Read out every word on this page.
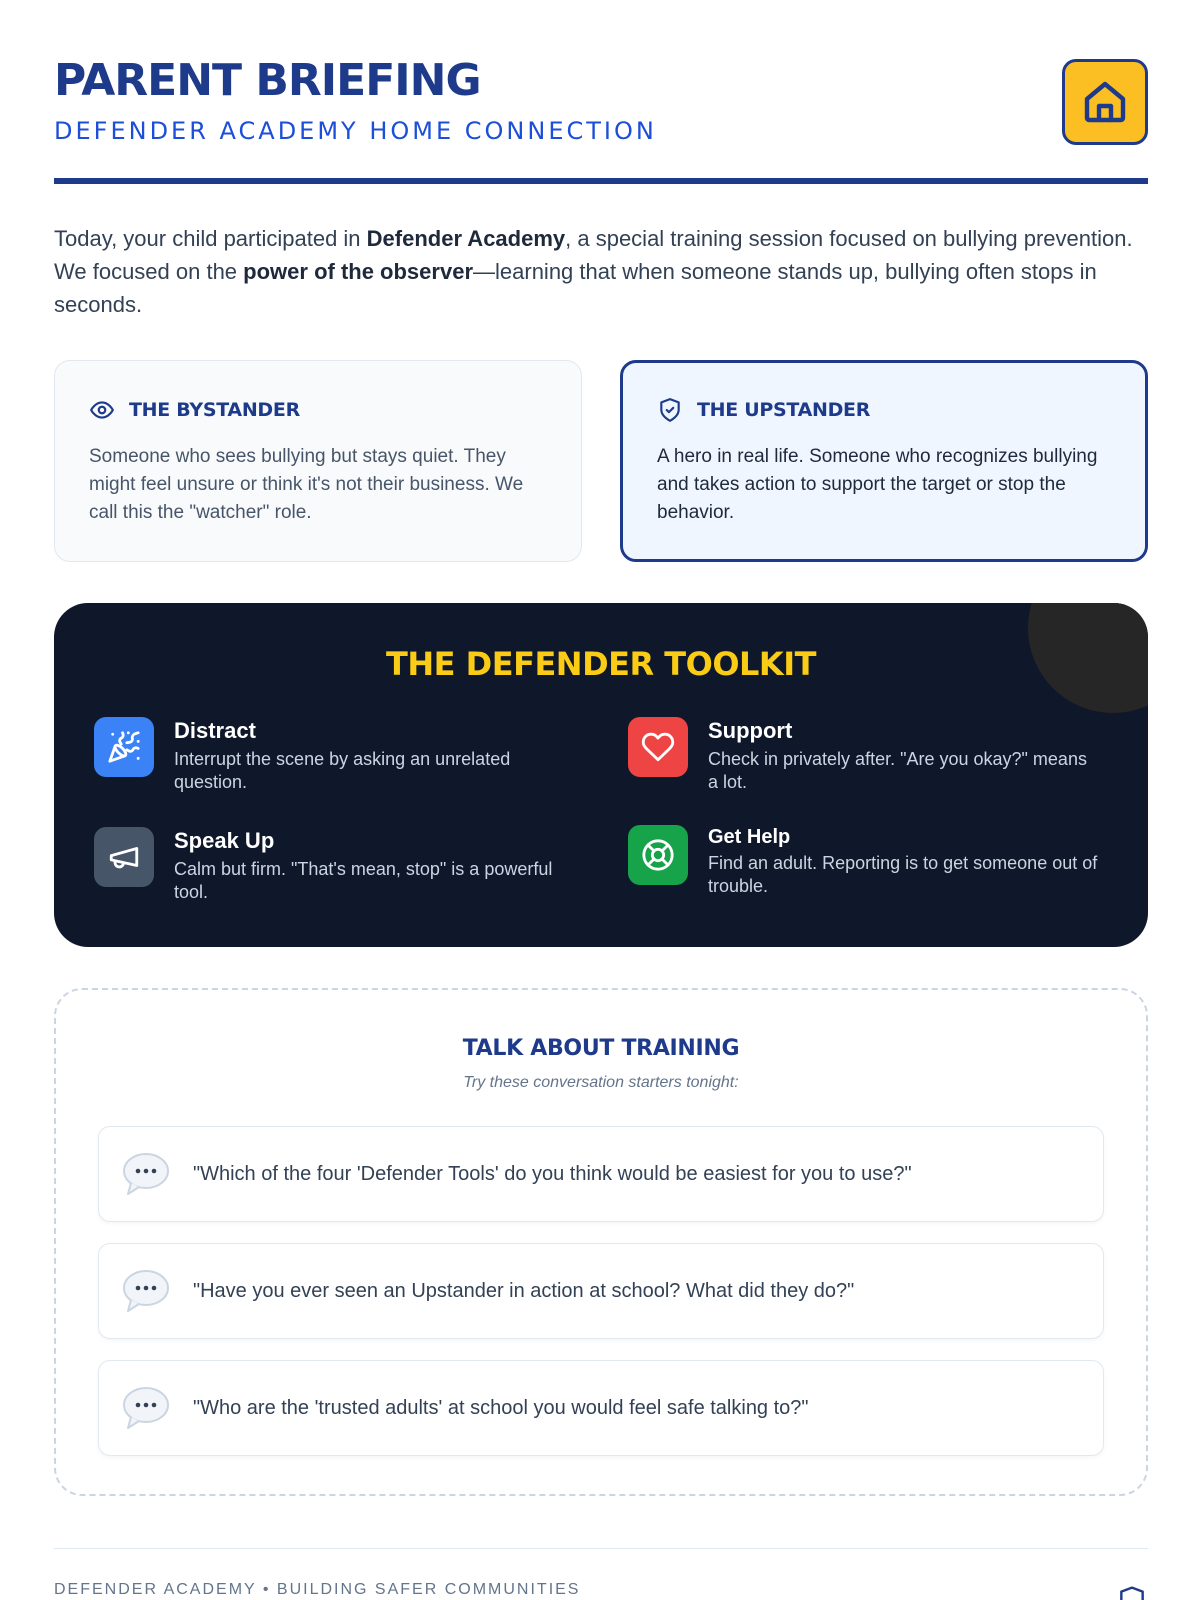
PARENT BRIEFING
DEFENDER ACADEMY HOME CONNECTION

Today, your child participated in Defender Academy, a special training session focused on bullying prevention. We focused on the power of the observer—learning that when someone stands up, bullying often stops in seconds.

THE BYSTANDER

Someone who sees bullying but stays quiet. They might feel unsure or think it's not their business. We call this the "watcher" role.

THE UPSTANDER

A hero in real life. Someone who recognizes bullying and takes action to support the target or stop the behavior.

THE DEFENDER TOOLKIT
Distract
Interrupt the scene by asking an unrelated question.
Support
Check in privately after. "Are you okay?" means a lot.
Speak Up
Calm but firm. "That's mean, stop" is a powerful tool.
Get Help
Find an adult. Reporting is to get someone out of trouble.
TALK ABOUT TRAINING
Try these conversation starters tonight:
"Which of the four 'Defender Tools' do you think would be easiest for you to use?"
"Have you ever seen an Upstander in action at school? What did they do?"
"Who are the 'trusted adults' at school you would feel safe talking to?"
DEFENDER ACADEMY • BUILDING SAFER COMMUNITIES
